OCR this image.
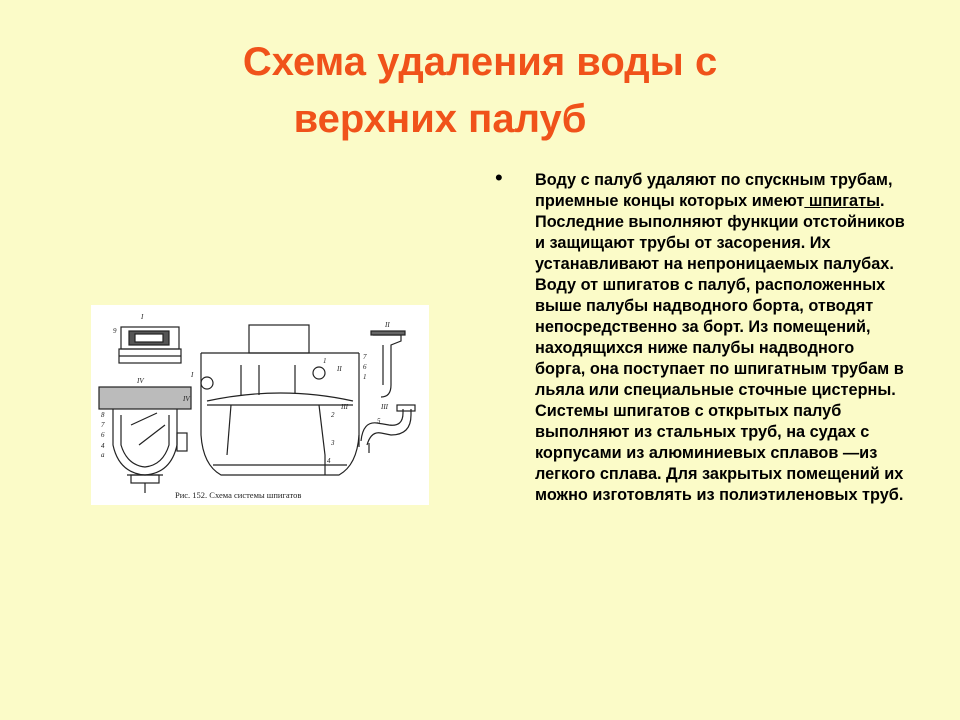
Схема удаления воды с
верхних палуб
• Воду с палуб удаляют по спускным трубам, приемные концы которых имеют шпигаты. Последние выполняют функции отстойников и защищают трубы от засорения. Их устанавливают на непроницаемых палубах. Воду от шпигатов с палуб, расположенных выше палубы надводного борта, отводят непосредственно за борт. Из помещений, находящихся ниже палубы надводного борга, она поступает по шпигатным трубам в льяла или специальные сточные цистерны.

Системы шпигатов с открытых палуб выполняют из стальных труб, на судах с корпусами из алюминиевых сплавов —из легкого сплава. Для закрытых помещений их можно изготовлять из полиэтиленовых труб.

I
9
IV
8
7
6
4
а
IV
I
1
II
2
3
4
III
II
7
6
1
III
5
Рис. 152. Схема системы шпигатов
